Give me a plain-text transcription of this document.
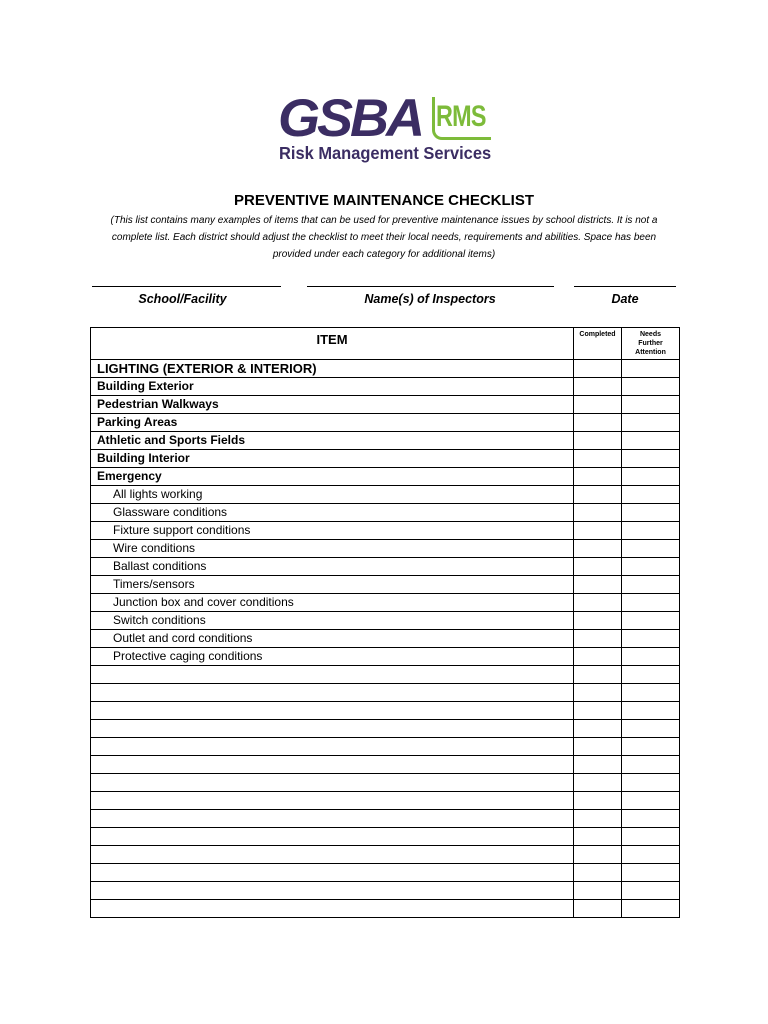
GSBA RMS
Risk Management Services
PREVENTIVE MAINTENANCE CHECKLIST
(This list contains many examples of items that can be used for preventive maintenance issues by school districts. It is not a
complete list. Each district should adjust the checklist to meet their local needs, requirements and abilities. Space has been
provided under each category for additional items)
School/Facility	Name(s) of Inspectors	Date
ITEM	Completed	Needs
Further
Attention

LIGHTING (EXTERIOR & INTERIOR)		
Building Exterior		
Pedestrian Walkways		
Parking Areas		
Athletic and Sports Fields		
Building Interior		
Emergency		
All lights working		
Glassware conditions		
Fixture support conditions		
Wire conditions		
Ballast conditions		
Timers/sensors		
Junction box and cover conditions		
Switch conditions		
Outlet and cord conditions		
Protective caging conditions		
